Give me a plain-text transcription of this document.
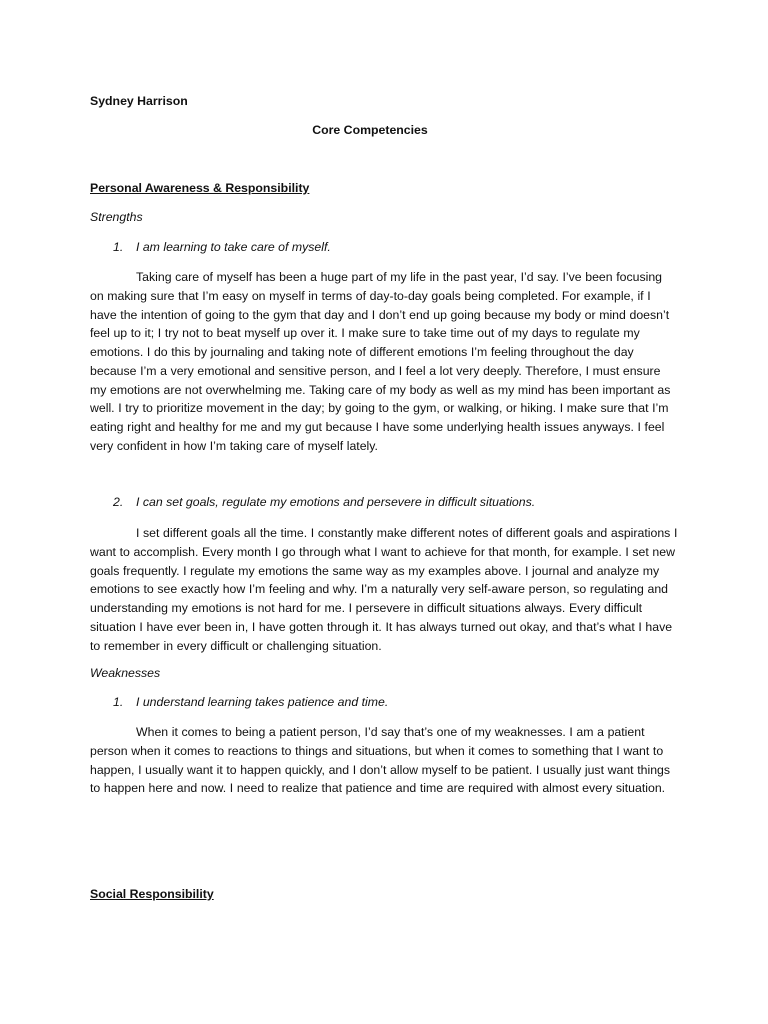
Sydney Harrison
Core Competencies
Personal Awareness & Responsibility
Strengths
1. I am learning to take care of myself.
Taking care of myself has been a huge part of my life in the past year, I’d say. I’ve been focusing on making sure that I’m easy on myself in terms of day-to-day goals being completed. For example, if I have the intention of going to the gym that day and I don’t end up going because my body or mind doesn’t feel up to it; I try not to beat myself up over it. I make sure to take time out of my days to regulate my emotions. I do this by journaling and taking note of different emotions I’m feeling throughout the day because I’m a very emotional and sensitive person, and I feel a lot very deeply. Therefore, I must ensure my emotions are not overwhelming me. Taking care of my body as well as my mind has been important as well. I try to prioritize movement in the day; by going to the gym, or walking, or hiking. I make sure that I’m eating right and healthy for me and my gut because I have some underlying health issues anyways. I feel very confident in how I’m taking care of myself lately.
2. I can set goals, regulate my emotions and persevere in difficult situations.
I set different goals all the time. I constantly make different notes of different goals and aspirations I want to accomplish. Every month I go through what I want to achieve for that month, for example. I set new goals frequently. I regulate my emotions the same way as my examples above. I journal and analyze my emotions to see exactly how I’m feeling and why. I’m a naturally very self-aware person, so regulating and understanding my emotions is not hard for me. I persevere in difficult situations always. Every difficult situation I have ever been in, I have gotten through it. It has always turned out okay, and that’s what I have to remember in every difficult or challenging situation.
Weaknesses
1. I understand learning takes patience and time.
When it comes to being a patient person, I’d say that’s one of my weaknesses. I am a patient person when it comes to reactions to things and situations, but when it comes to something that I want to happen, I usually want it to happen quickly, and I don’t allow myself to be patient. I usually just want things to happen here and now. I need to realize that patience and time are required with almost every situation.
Social Responsibility
